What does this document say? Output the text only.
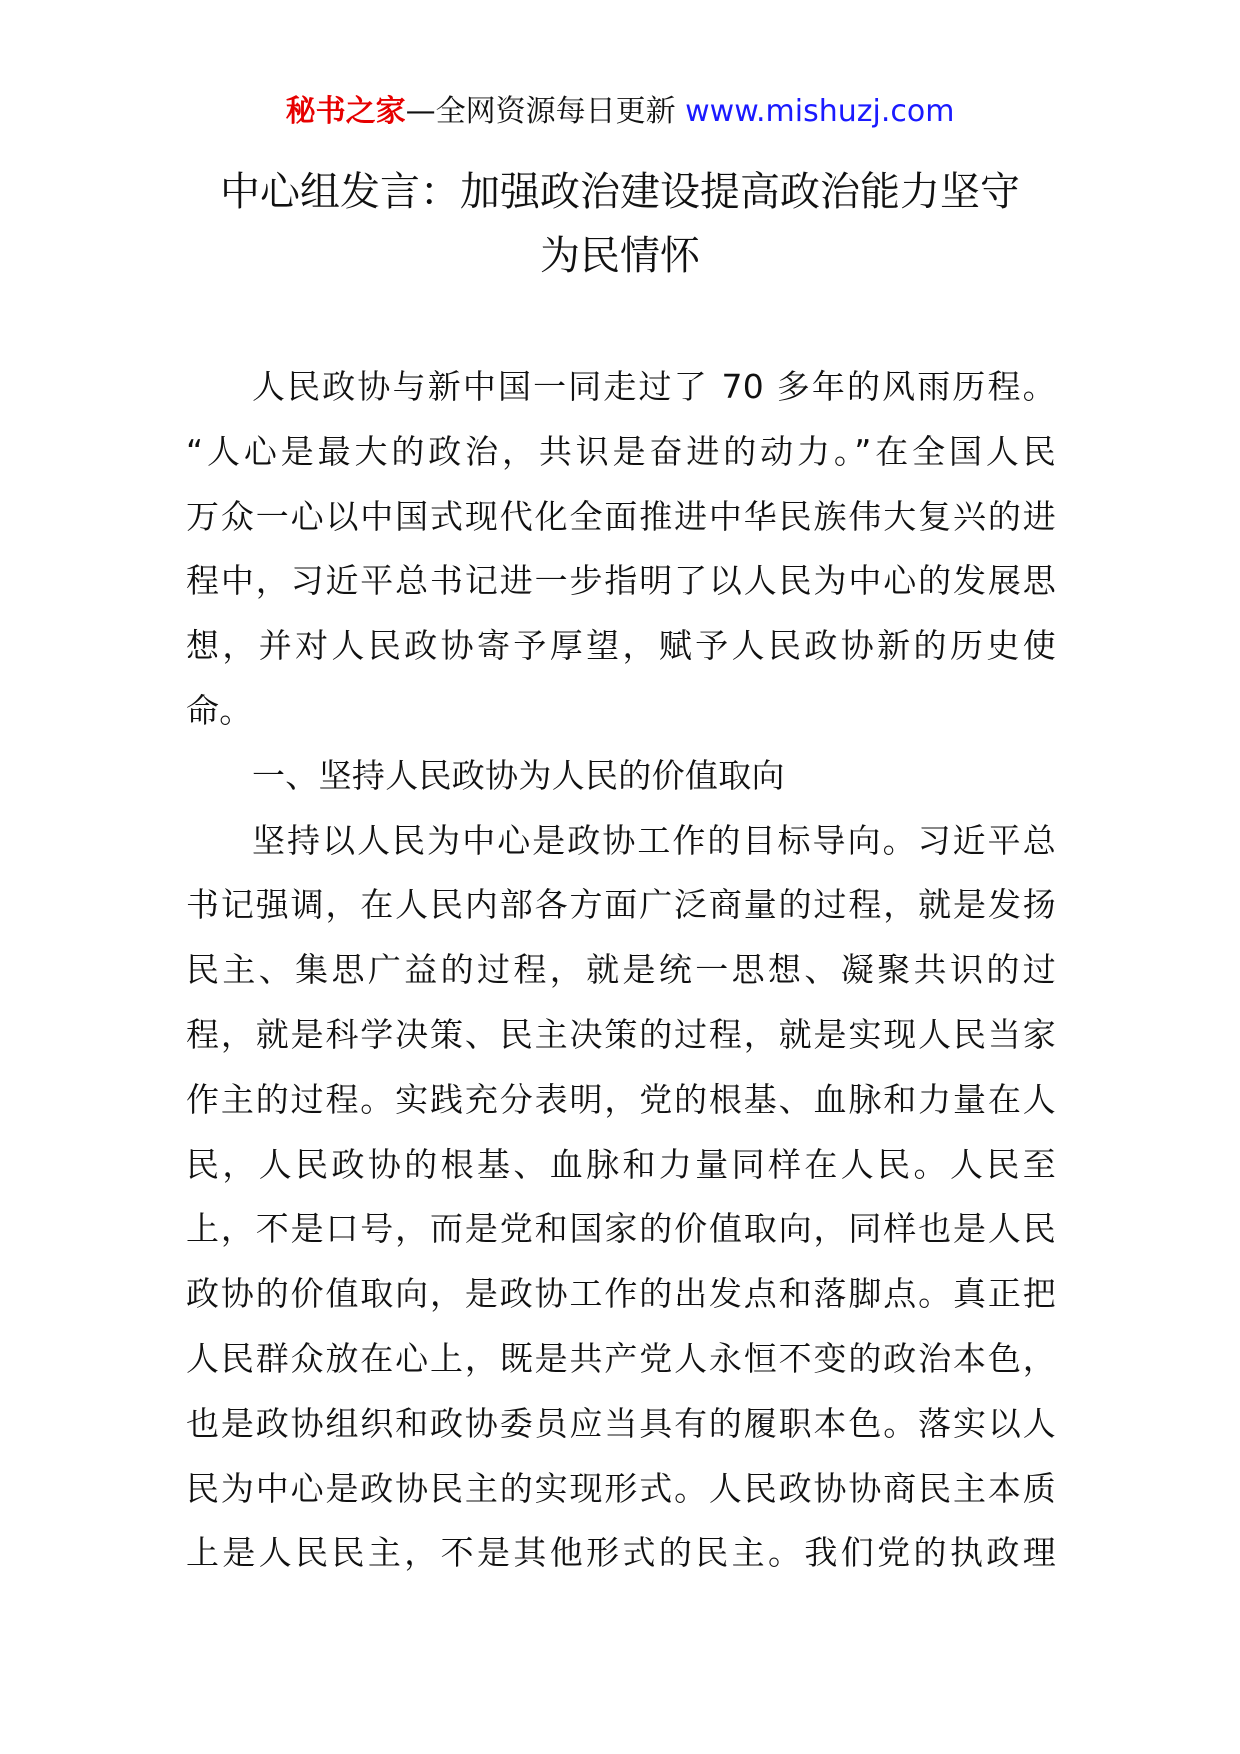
秘书之家—全网资源每日更新 www.mishuzj.com
中心组发言：加强政治建设提高政治能力坚守
为民情怀
人民政协与新中国一同走过了 70 多年的风雨历程。
“人心是最大的政治，共识是奋进的动力。”在全国人民
万众一心以中国式现代化全面推进中华民族伟大复兴的进
程中，习近平总书记进一步指明了以人民为中心的发展思
想，并对人民政协寄予厚望，赋予人民政协新的历史使
命。
一、坚持人民政协为人民的价值取向
坚持以人民为中心是政协工作的目标导向。习近平总
书记强调，在人民内部各方面广泛商量的过程，就是发扬
民主、集思广益的过程，就是统一思想、凝聚共识的过
程，就是科学决策、民主决策的过程，就是实现人民当家
作主的过程。实践充分表明，党的根基、血脉和力量在人
民，人民政协的根基、血脉和力量同样在人民。人民至
上，不是口号，而是党和国家的价值取向，同样也是人民
政协的价值取向，是政协工作的出发点和落脚点。真正把
人民群众放在心上，既是共产党人永恒不变的政治本色，
也是政协组织和政协委员应当具有的履职本色。落实以人
民为中心是政协民主的实现形式。人民政协协商民主本质
上是人民民主，不是其他形式的民主。我们党的执政理
